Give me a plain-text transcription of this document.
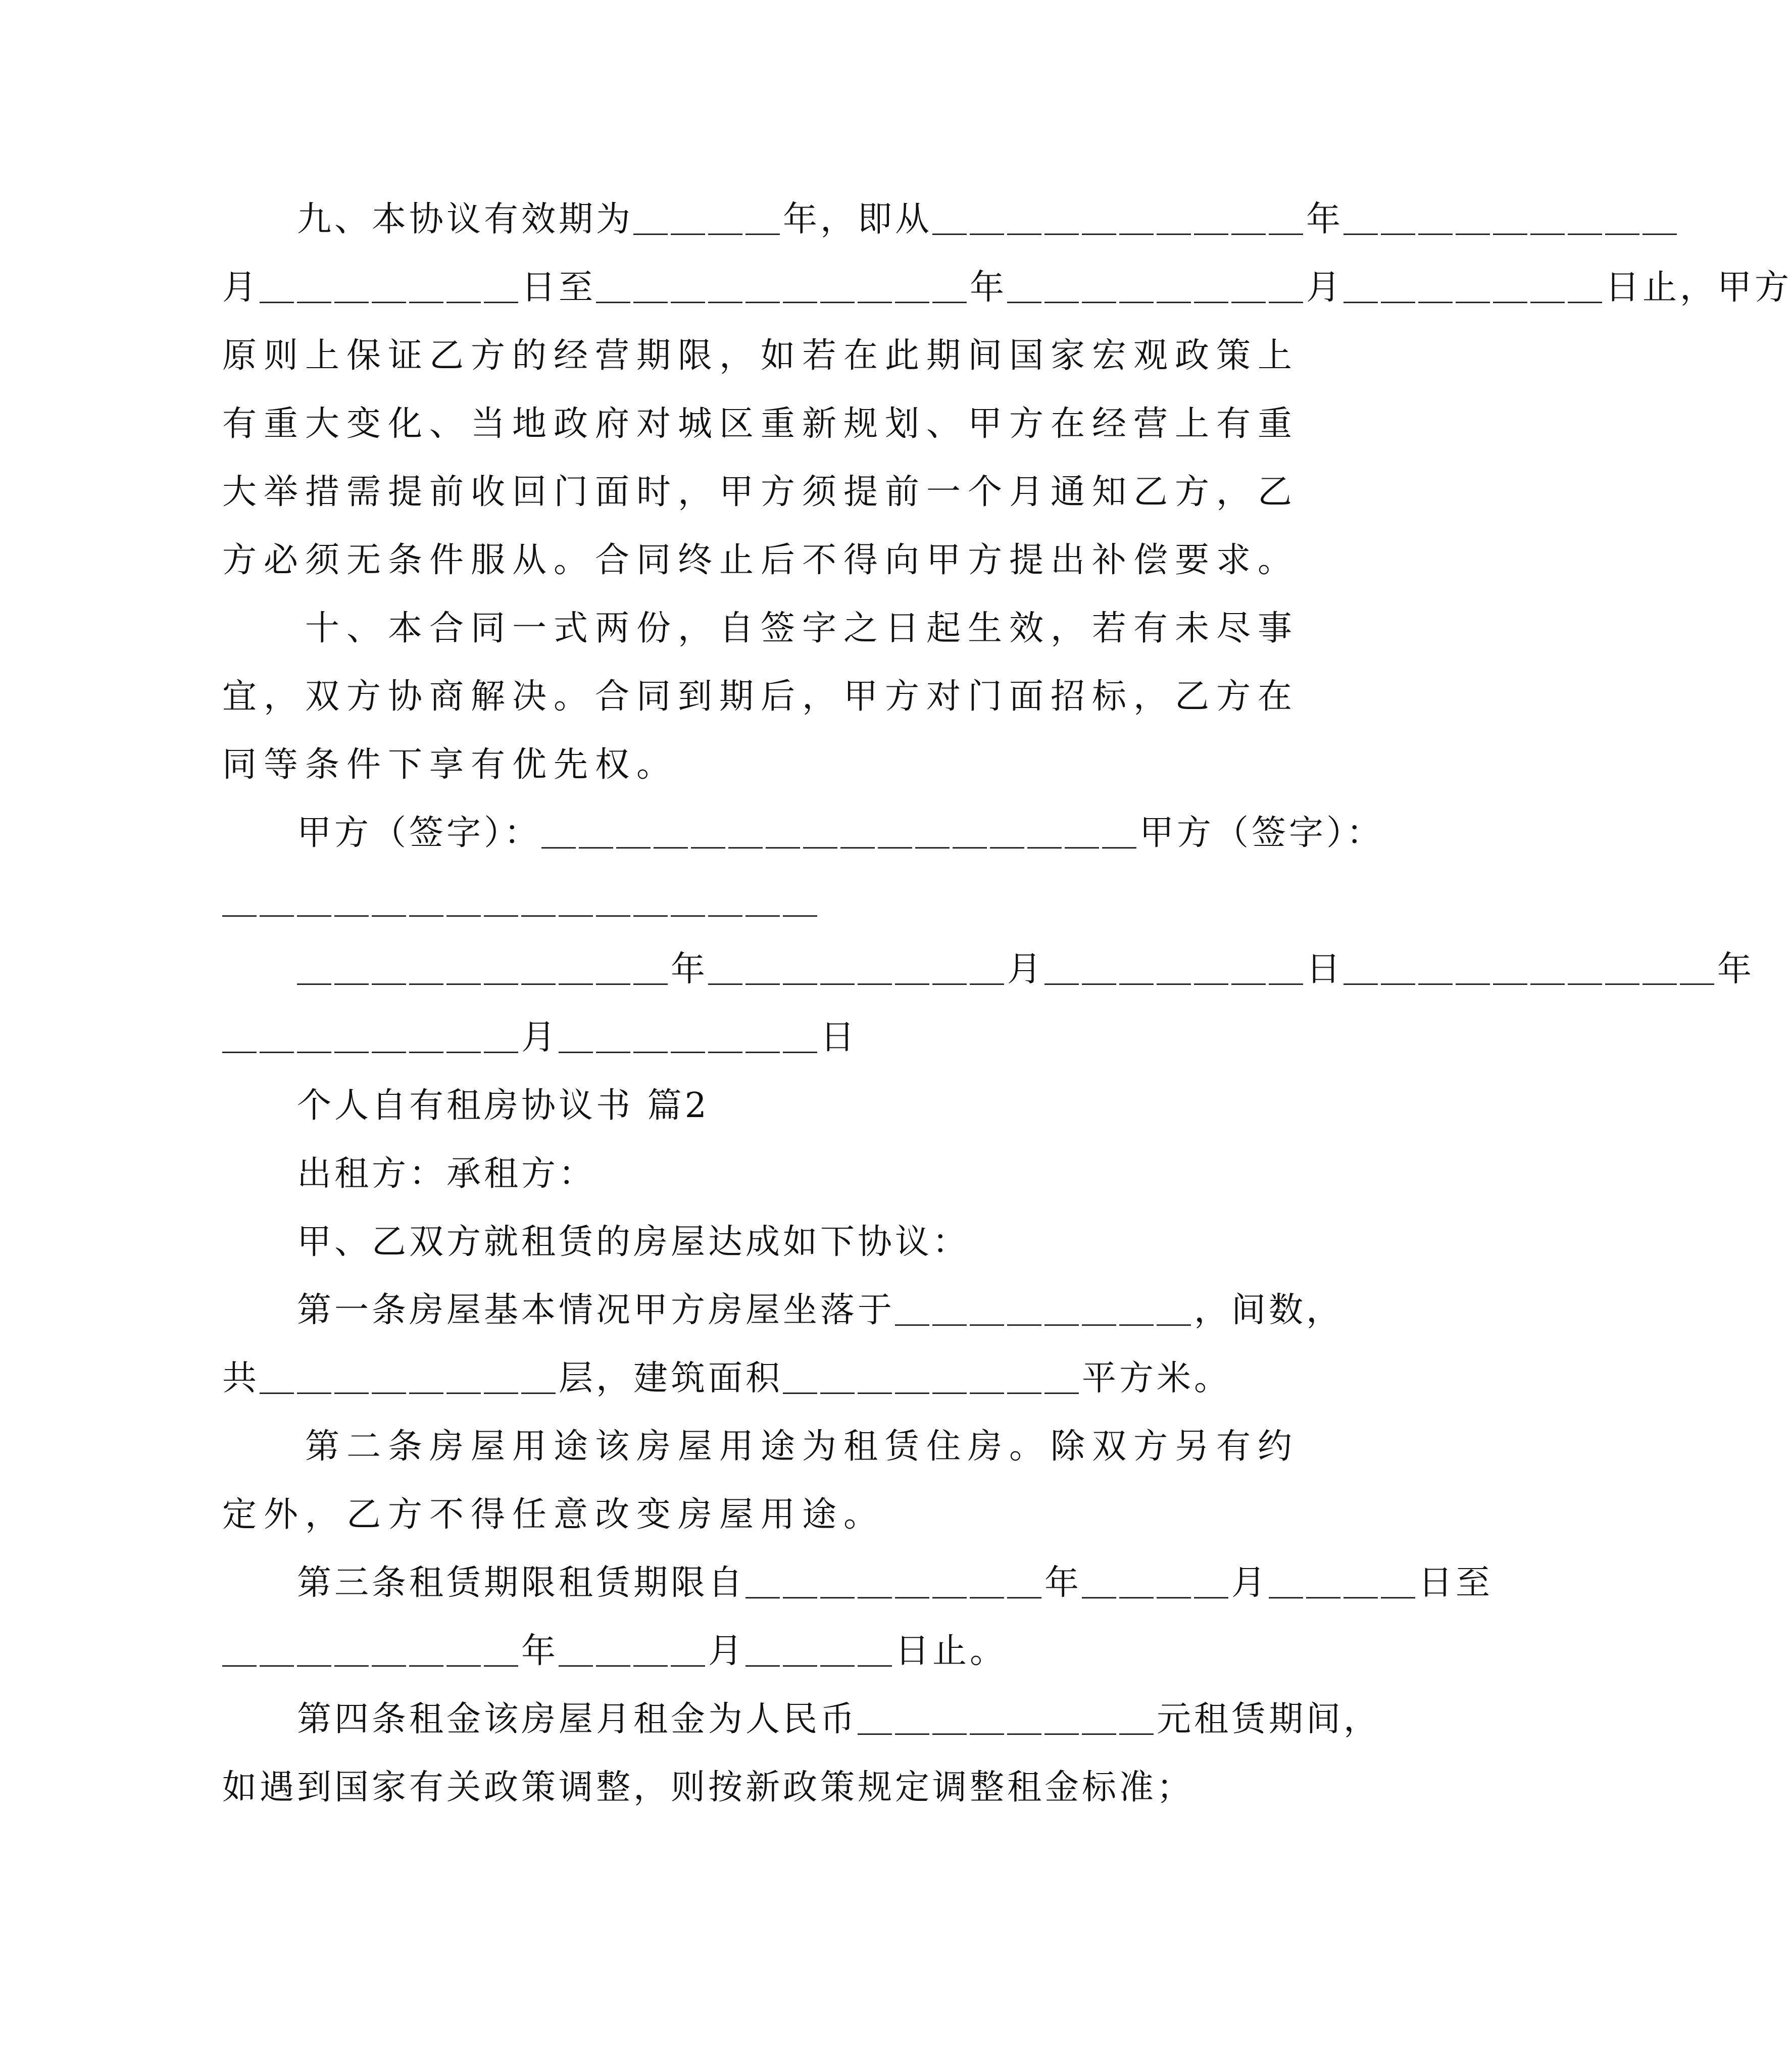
　　九、本协议有效期为＿＿＿＿年，即从＿＿＿＿＿＿＿＿＿＿年＿＿＿＿＿＿＿＿＿
月＿＿＿＿＿＿＿日至＿＿＿＿＿＿＿＿＿＿年＿＿＿＿＿＿＿＿月＿＿＿＿＿＿＿日止，甲方
原则上保证乙方的经营期限，如若在此期间国家宏观政策上
有重大变化、当地政府对城区重新规划、甲方在经营上有重
大举措需提前收回门面时，甲方须提前一个月通知乙方，乙
方必须无条件服从。合同终止后不得向甲方提出补偿要求。
　　十、本合同一式两份，自签字之日起生效，若有未尽事
宜，双方协商解决。合同到期后，甲方对门面招标，乙方在
同等条件下享有优先权。
　　甲方（签字）：＿＿＿＿＿＿＿＿＿＿＿＿＿＿＿＿甲方（签字）：
＿＿＿＿＿＿＿＿＿＿＿＿＿＿＿＿
　　＿＿＿＿＿＿＿＿＿＿年＿＿＿＿＿＿＿＿月＿＿＿＿＿＿＿日＿＿＿＿＿＿＿＿＿＿年
＿＿＿＿＿＿＿＿月＿＿＿＿＿＿＿日
　　个人自有租房协议书 篇2
　　出租方：承租方：
　　甲、乙双方就租赁的房屋达成如下协议：
　　第一条房屋基本情况甲方房屋坐落于＿＿＿＿＿＿＿＿，间数，
共＿＿＿＿＿＿＿＿层，建筑面积＿＿＿＿＿＿＿＿平方米。
　　第二条房屋用途该房屋用途为租赁住房。除双方另有约
定外，乙方不得任意改变房屋用途。
　　第三条租赁期限租赁期限自＿＿＿＿＿＿＿＿年＿＿＿＿月＿＿＿＿日至
＿＿＿＿＿＿＿＿年＿＿＿＿月＿＿＿＿日止。
　　第四条租金该房屋月租金为人民币＿＿＿＿＿＿＿＿元租赁期间，
如遇到国家有关政策调整，则按新政策规定调整租金标准；
